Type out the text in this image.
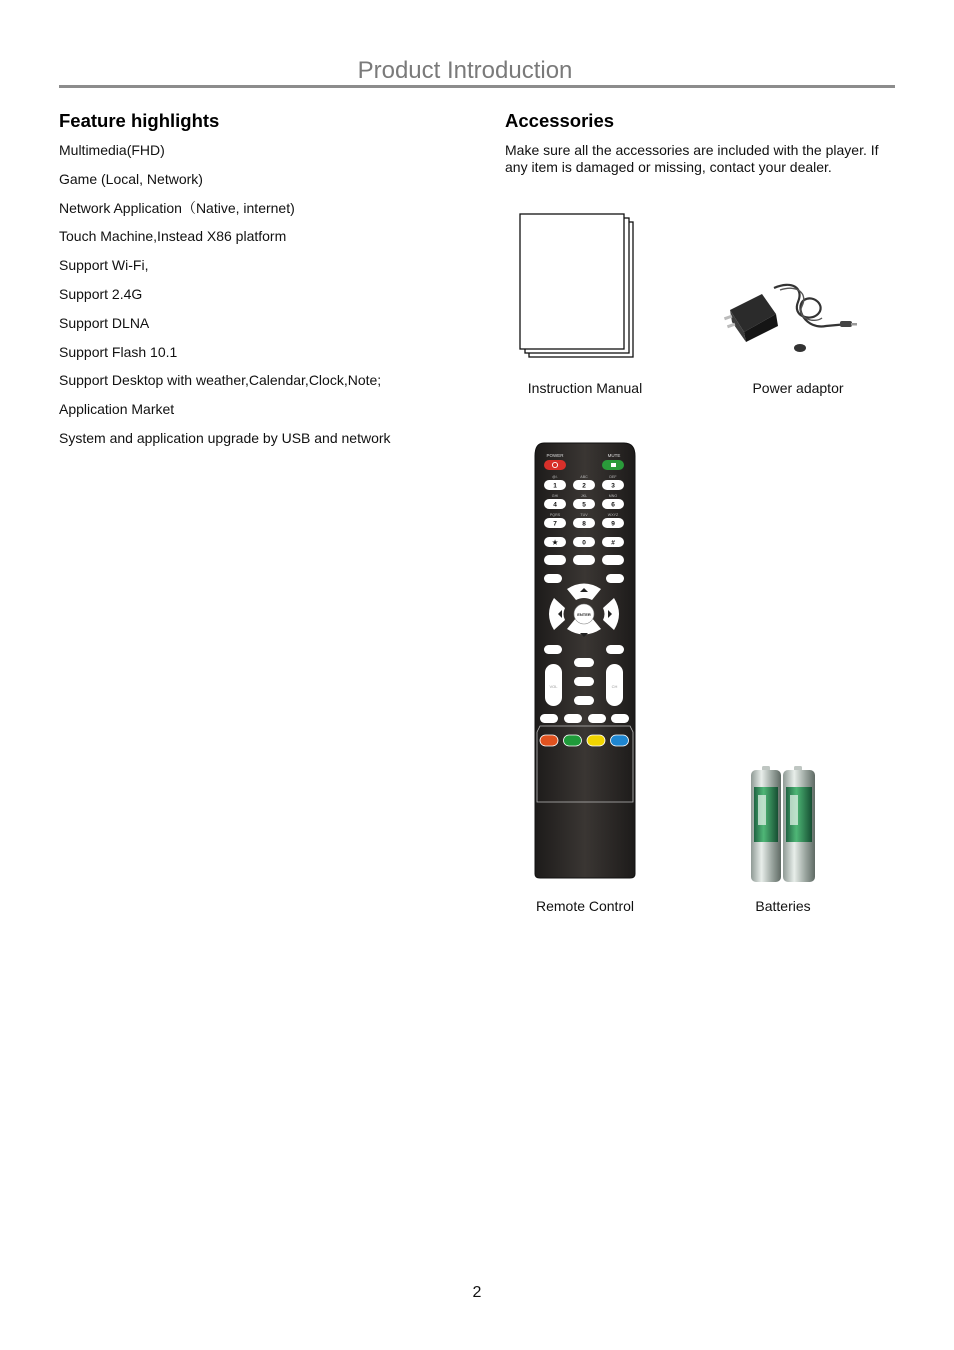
Product Introduction
Feature highlights
Multimedia(FHD)
Game (Local, Network)
Network Application（Native, internet)
Touch Machine,Instead X86 platform
Support Wi-Fi,
Support 2.4G
Support DLNA
Support Flash 10.1
Support Desktop with weather,Calendar,Clock,Note;
Application Market
System and application upgrade by USB and network
Accessories
Make sure all the accessories are included with the player. If any item is damaged or missing, contact your dealer.
Instruction Manual	Power adaptor
POWER	MUTE
@/.
1
ABC
2
DEF
3
GHI
4
JKL
5
MNO
6
PQRS
7
TUV
8
WXYZ
9
★	0	#
ENTER
VOL	CH
Remote Control	Batteries
2
